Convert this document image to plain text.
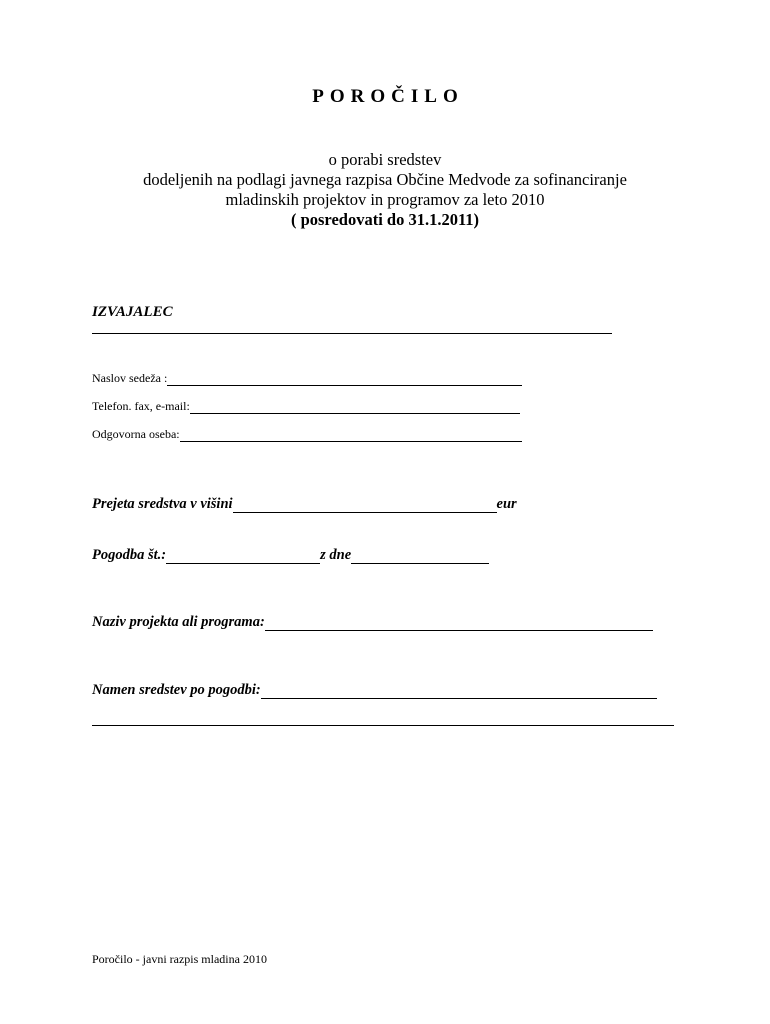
POROČILO
o porabi sredstev
dodeljenih na podlagi javnega razpisa Občine Medvode za sofinanciranje
mladinskih projektov in programov za leto 2010
( posredovati do 31.1.2011)
IZVAJALEC
Naslov sedeža :
Telefon. fax, e-mail:
Odgovorna oseba:
Prejeta sredstva v višini	eur
Pogodba št.:	z dne
Naziv projekta ali programa:
Namen sredstev po pogodbi:
Poročilo - javni razpis mladina 2010
